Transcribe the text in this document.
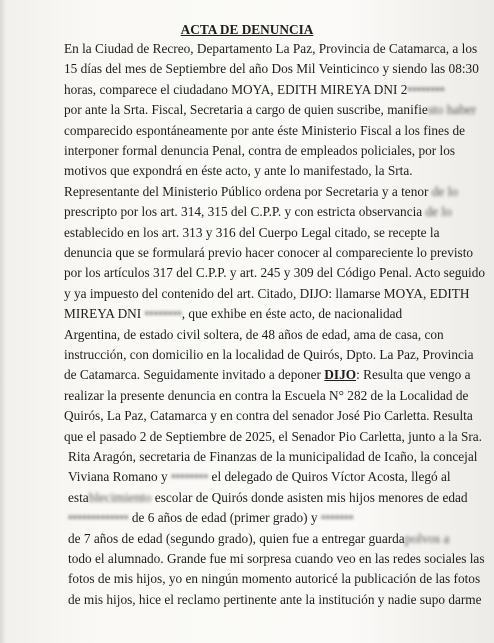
ACTA DE DENUNCIA
En la Ciudad de Recreo, Departamento La Paz, Provincia de Catamarca, a los
15 días del mes de Septiembre del año Dos Mil Veinticinco y siendo las 08:30
horas, comparece el ciudadano MOYA, EDITH MIREYA DNI 2••••••••
por ante la Srta. Fiscal, Secretaria a cargo de quien suscribe, manifiesto haber
comparecido espontáneamente por ante éste Ministerio Fiscal a los fines de
interponer formal denuncia Penal, contra de empleados policiales, por los
motivos que expondrá en éste acto, y ante lo manifestado, la Srta.
Representante del Ministerio Público ordena por Secretaria y a tenor de lo
prescripto por los art. 314, 315 del C.P.P. y con estricta observancia de lo
establecido en los art. 313 y 316 del Cuerpo Legal citado, se recepte la
denuncia que se formulará previo hacer conocer al compareciente lo previsto
por los artículos 317 del C.P.P. y art. 245 y 309 del Código Penal. Acto seguido
y ya impuesto del contenido del art. Citado, DIJO: llamarse MOYA, EDITH
MIREYA DNI ••••••••, que exhibe en éste acto, de nacionalidad
Argentina, de estado civil soltera, de 48 años de edad, ama de casa, con
instrucción, con domicilio en la localidad de Quirós, Dpto. La Paz, Provincia
de Catamarca. Seguidamente invitado a deponer DIJO: Resulta que vengo a
realizar la presente denuncia en contra la Escuela N° 282 de la Localidad de
Quirós, La Paz, Catamarca y en contra del senador José Pio Carletta. Resulta
que el pasado 2 de Septiembre de 2025, el Senador Pio Carletta, junto a la Sra.
Rita Aragón, secretaria de Finanzas de la municipalidad de Icaño, la concejal
Viviana Romano y •••••••• el delegado de Quiros Víctor Acosta, llegó al
establecimiento escolar de Quirós donde asisten mis hijos menores de edad
••••••••••••• de 6 años de edad (primer grado) y •••••••
de 7 años de edad (segundo grado), quien fue a entregar guardapolvos a
todo el alumnado. Grande fue mi sorpresa cuando veo en las redes sociales las
fotos de mis hijos, yo en ningún momento autoricé la publicación de las fotos
de mis hijos, hice el reclamo pertinente ante la institución y nadie supo darme
